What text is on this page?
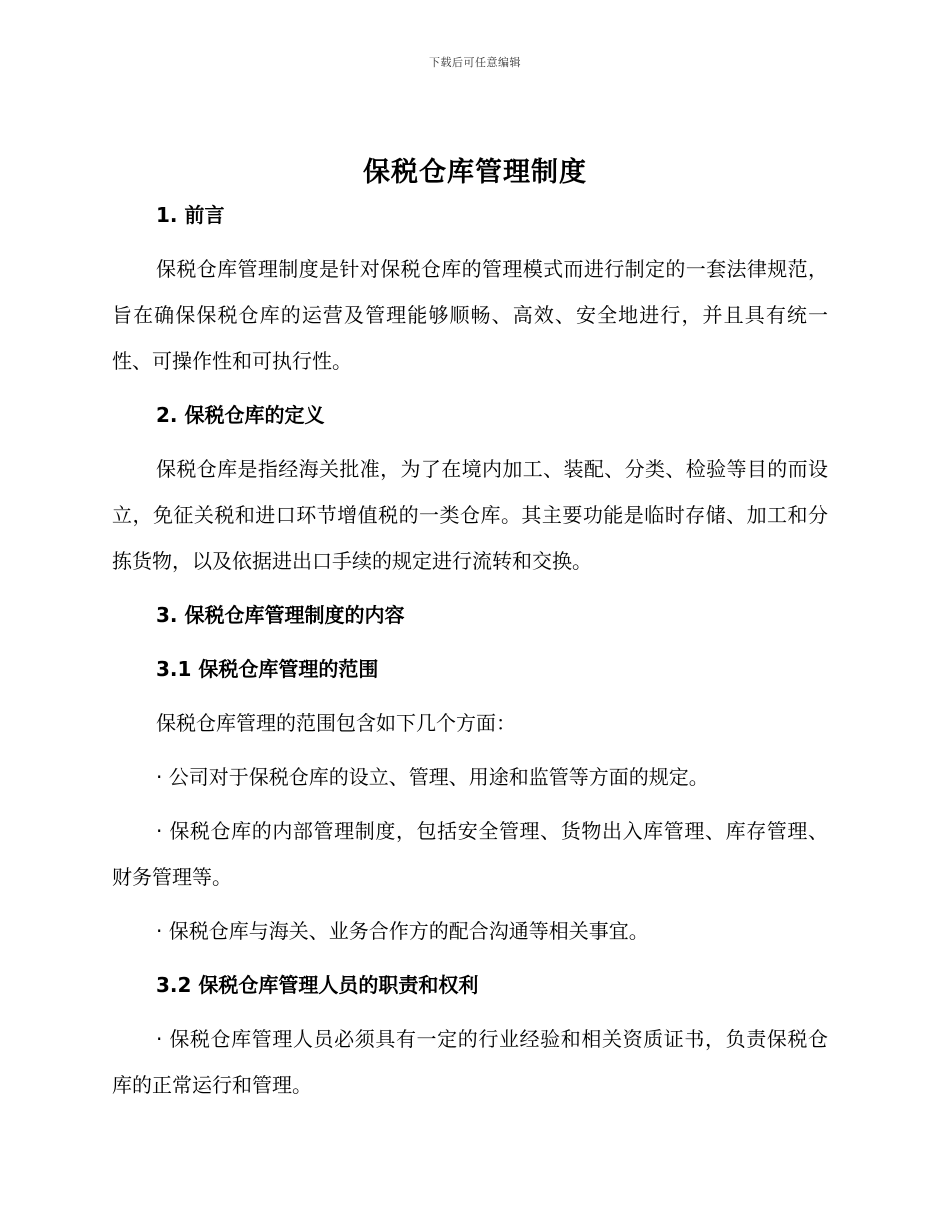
下载后可任意编辑
保税仓库管理制度
1. 前言

保税仓库管理制度是针对保税仓库的管理模式而进行制定的一套法律规范，旨在确保保税仓库的运营及管理能够顺畅、高效、安全地进行，并且具有统一性、可操作性和可执行性。

2. 保税仓库的定义

保税仓库是指经海关批准，为了在境内加工、装配、分类、检验等目的而设立，免征关税和进口环节增值税的一类仓库。其主要功能是临时存储、加工和分拣货物，以及依据进出口手续的规定进行流转和交换。

3. 保税仓库管理制度的内容
3.1 保税仓库管理的范围

保税仓库管理的范围包含如下几个方面：

· 公司对于保税仓库的设立、管理、用途和监管等方面的规定。

· 保税仓库的内部管理制度，包括安全管理、货物出入库管理、库存管理、财务管理等。

· 保税仓库与海关、业务合作方的配合沟通等相关事宜。

3.2 保税仓库管理人员的职责和权利

· 保税仓库管理人员必须具有一定的行业经验和相关资质证书，负责保税仓库的正常运行和管理。
